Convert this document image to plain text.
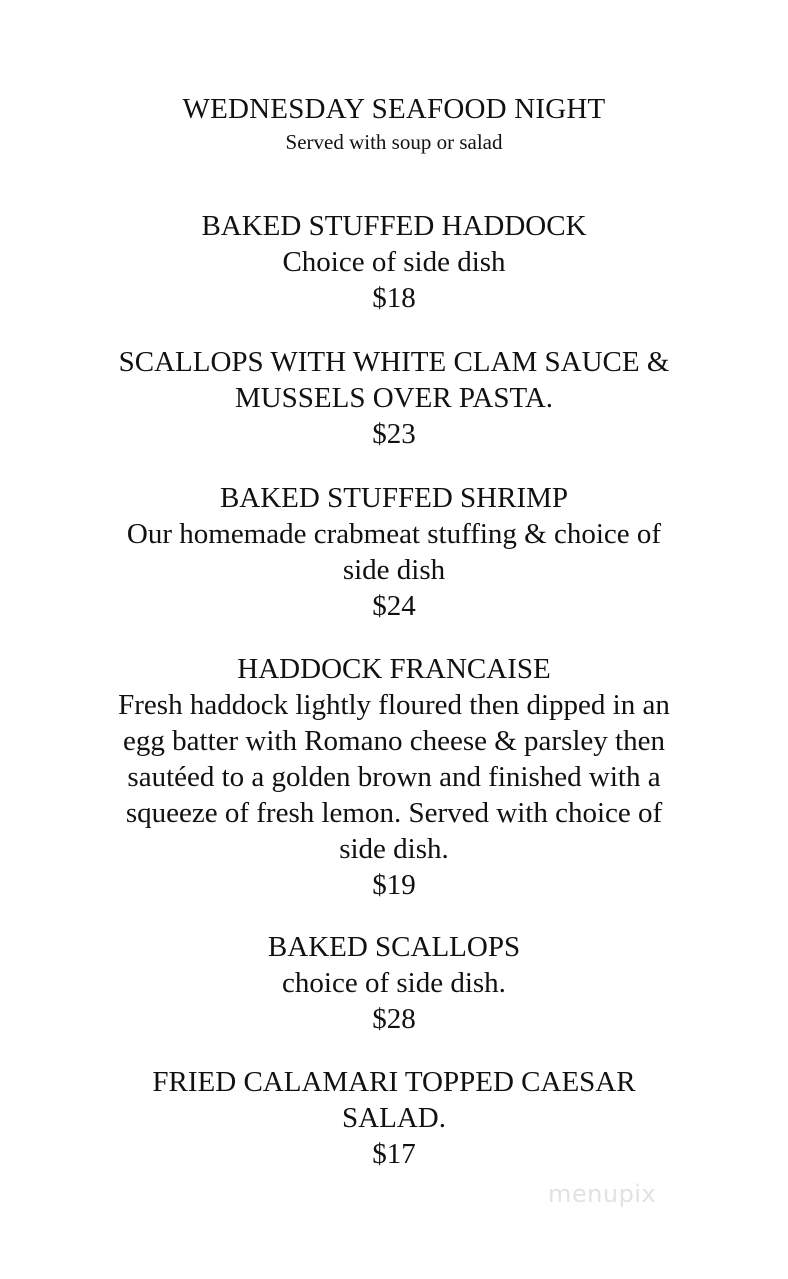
WEDNESDAY SEAFOOD NIGHT
Served with soup or salad
BAKED STUFFED HADDOCK
Choice of side dish
$18
SCALLOPS WITH WHITE CLAM SAUCE &
MUSSELS OVER PASTA.
$23
BAKED STUFFED SHRIMP
Our homemade crabmeat stuffing & choice of
side dish
$24
HADDOCK FRANCAISE
Fresh haddock lightly floured then dipped in an
egg batter with Romano cheese & parsley then
sautéed to a golden brown and finished with a
squeeze of fresh lemon. Served with choice of
side dish.
$19
BAKED SCALLOPS
choice of side dish.
$28
FRIED CALAMARI TOPPED CAESAR
SALAD.
$17
menupix
